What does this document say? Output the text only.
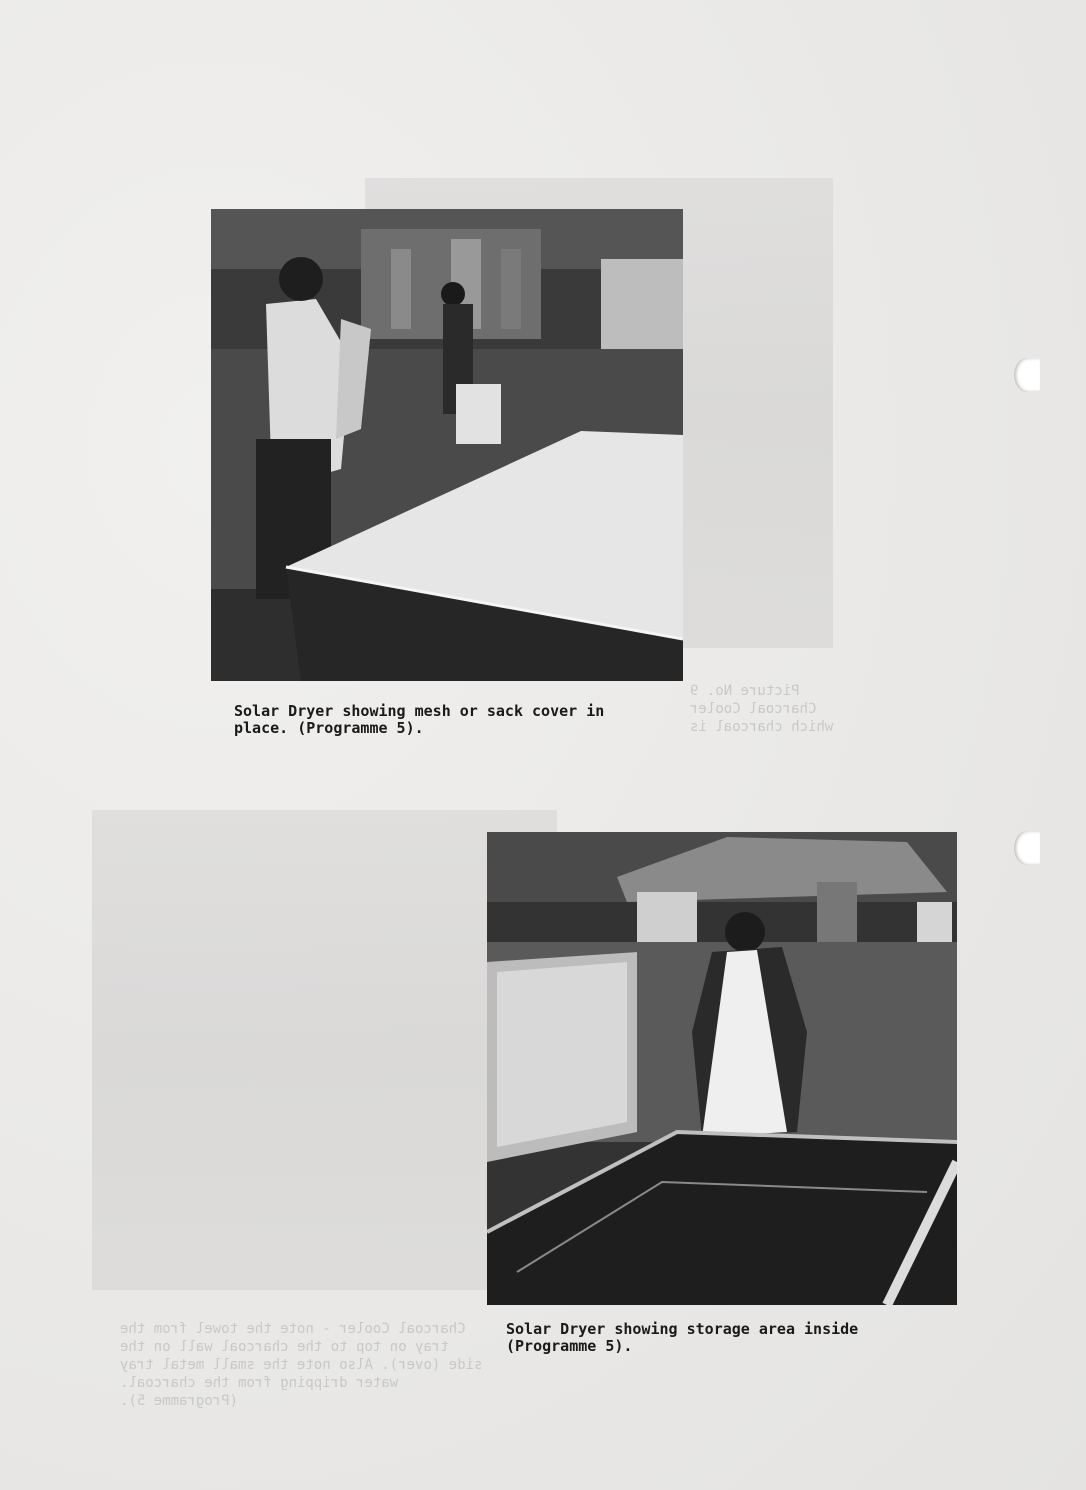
Picture No. 9
Charcoal Cooler
which charcoal is
Charcoal Cooler - note the towel from the
tray on top to the charcoal wall on the
side (over). Also note the small metal tray
water dripping from the charcoal.
(Programme 5).
Solar Dryer showing mesh or sack cover in
place. (Programme 5).
Solar Dryer showing storage area inside
(Programme 5).
